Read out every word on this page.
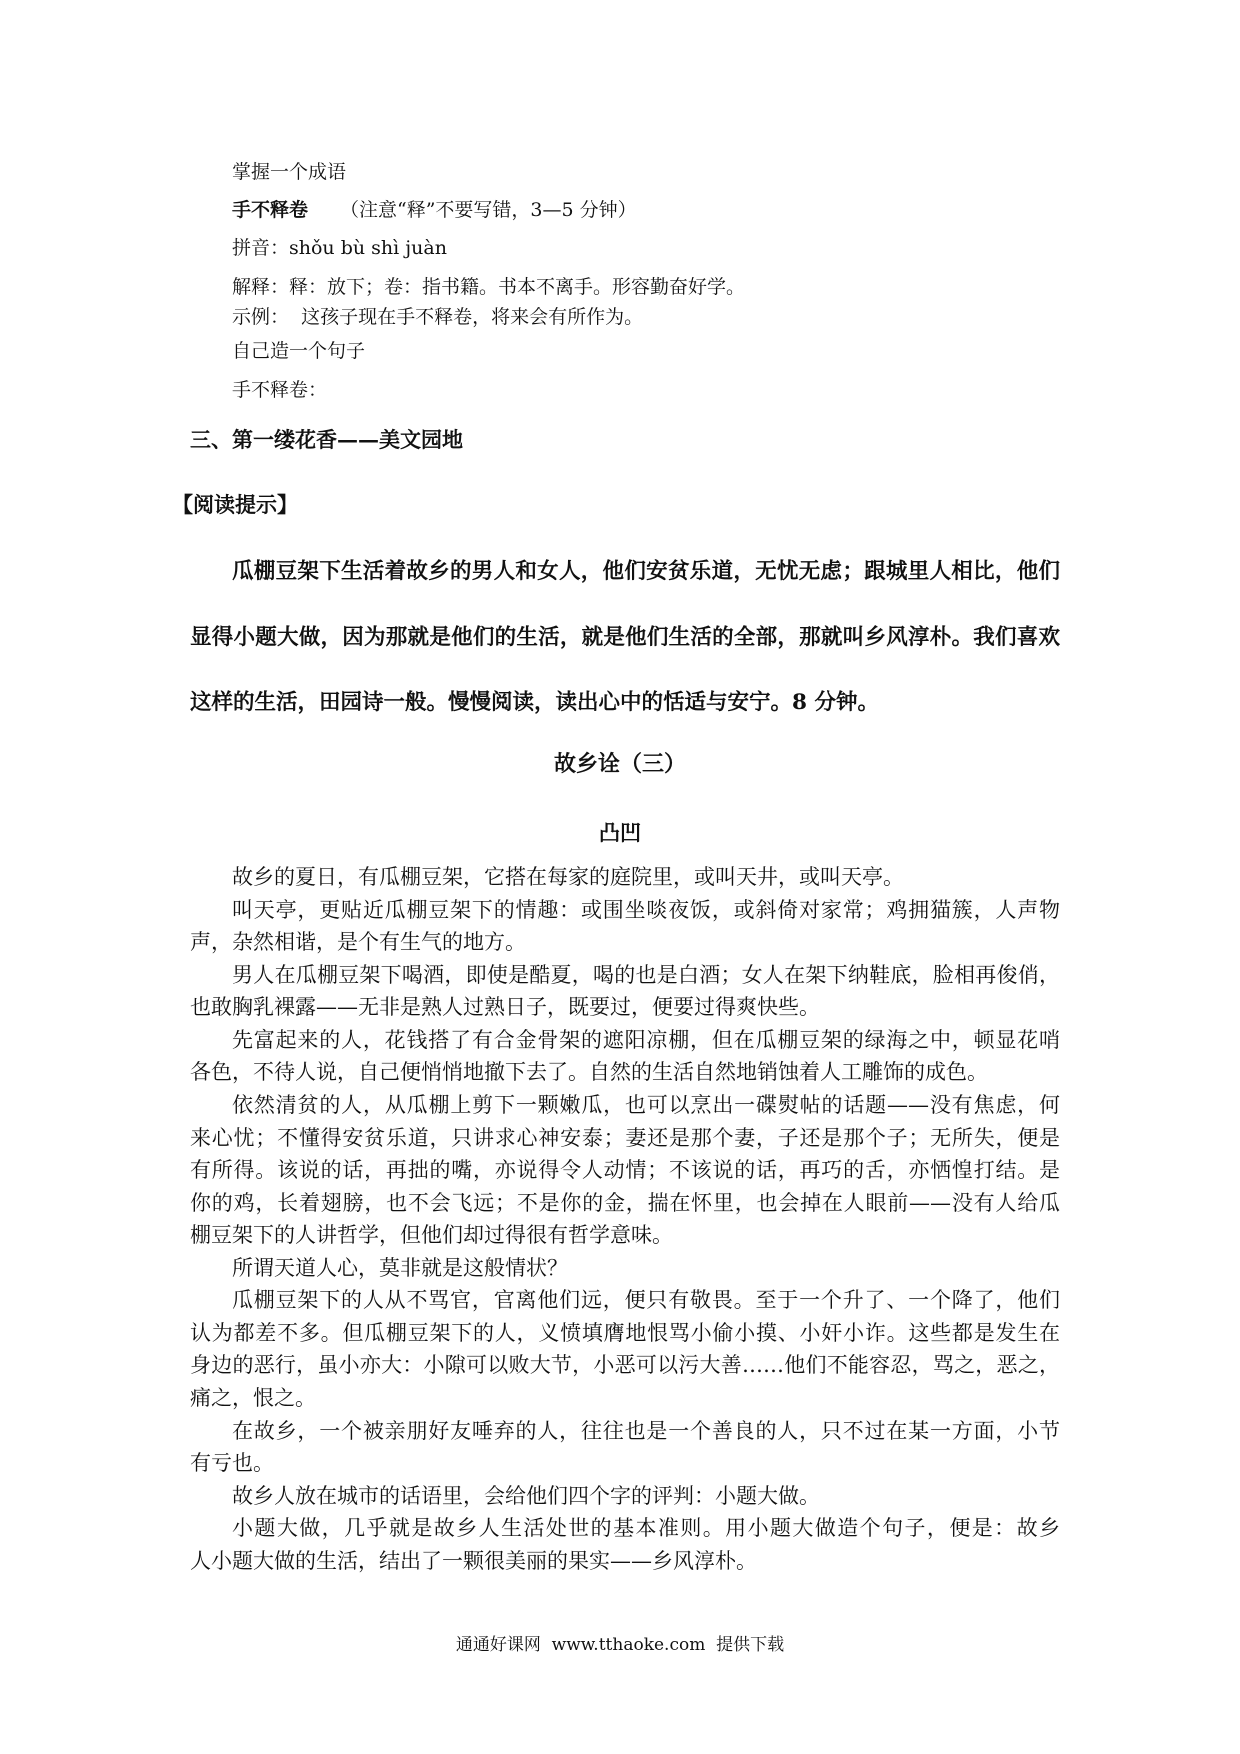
掌握一个成语
手不释卷 （注意“释”不要写错，3—5 分钟）
拼音：shǒu bù shì juàn
解释：释：放下；卷：指书籍。书本不离手。形容勤奋好学。
示例：  这孩子现在手不释卷，将来会有所作为。
自己造一个句子
手不释卷：
三、第一缕花香——美文园地
【阅读提示】
瓜棚豆架下生活着故乡的男人和女人，他们安贫乐道，无忧无虑；跟城里人相比，他们
显得小题大做，因为那就是他们的生活，就是他们生活的全部，那就叫乡风淳朴。我们喜欢
这样的生活，田园诗一般。慢慢阅读，读出心中的恬适与安宁。8 分钟。
故乡诠（三）
凸凹
故乡的夏日，有瓜棚豆架，它搭在每家的庭院里，或叫天井，或叫天亭。
叫天亭，更贴近瓜棚豆架下的情趣：或围坐啖夜饭，或斜倚对家常；鸡拥猫簇，人声物
声，杂然相谐，是个有生气的地方。
男人在瓜棚豆架下喝酒，即使是酷夏，喝的也是白酒；女人在架下纳鞋底，脸相再俊俏，
也敢胸乳裸露——无非是熟人过熟日子，既要过，便要过得爽快些。
先富起来的人，花钱搭了有合金骨架的遮阳凉棚，但在瓜棚豆架的绿海之中，顿显花哨
各色，不待人说，自己便悄悄地撤下去了。自然的生活自然地销蚀着人工雕饰的成色。
依然清贫的人，从瓜棚上剪下一颗嫩瓜，也可以烹出一碟熨帖的话题——没有焦虑，何
来心忧；不懂得安贫乐道，只讲求心神安泰；妻还是那个妻，子还是那个子；无所失，便是
有所得。该说的话，再拙的嘴，亦说得令人动情；不该说的话，再巧的舌，亦恓惶打结。是
你的鸡，长着翅膀，也不会飞远；不是你的金，揣在怀里，也会掉在人眼前——没有人给瓜
棚豆架下的人讲哲学，但他们却过得很有哲学意味。
所谓天道人心，莫非就是这般情状？
瓜棚豆架下的人从不骂官，官离他们远，便只有敬畏。至于一个升了、一个降了，他们
认为都差不多。但瓜棚豆架下的人，义愤填膺地恨骂小偷小摸、小奸小诈。这些都是发生在
身边的恶行，虽小亦大：小隙可以败大节，小恶可以污大善……他们不能容忍，骂之，恶之，
痛之，恨之。
在故乡，一个被亲朋好友唾弃的人，往往也是一个善良的人，只不过在某一方面，小节
有亏也。
故乡人放在城市的话语里，会给他们四个字的评判：小题大做。
小题大做，几乎就是故乡人生活处世的基本准则。用小题大做造个句子，便是：故乡
人小题大做的生活，结出了一颗很美丽的果实——乡风淳朴。
通通好课网  www.tthaoke.com  提供下载
